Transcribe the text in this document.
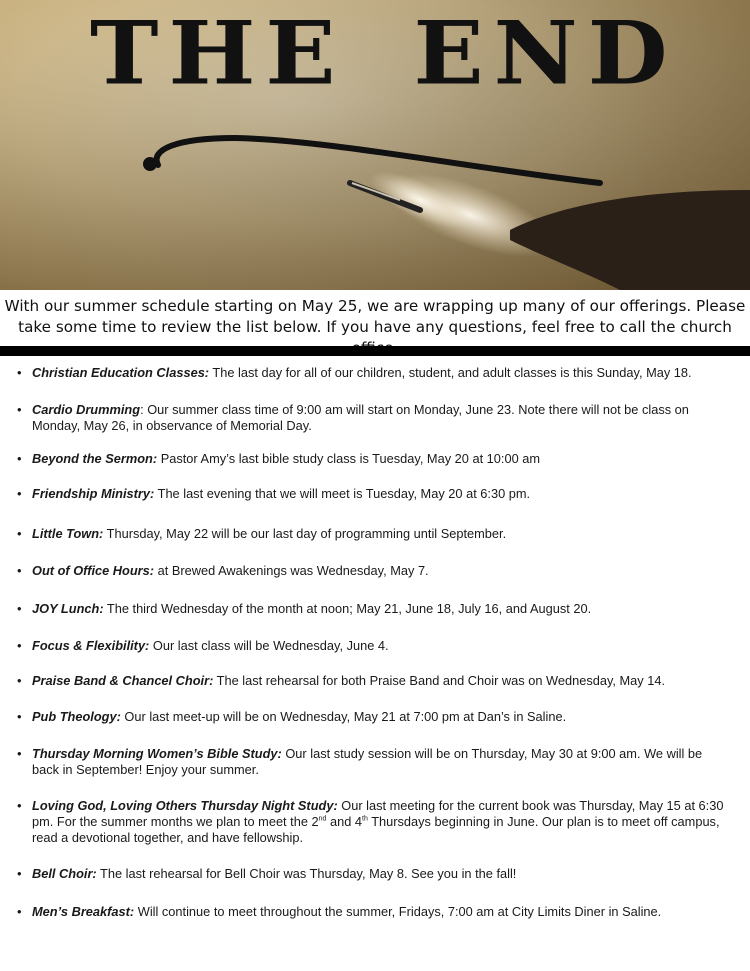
THE END
With our summer schedule starting on May 25, we are wrapping up many of our offerings. Please
take some time to review the list below. If you have any questions, feel free to call the church
• Christian Education Classes: The last day for all of our children, student, and adult classes is this Sunday, May 18.
• Cardio Drumming: Our summer class time of 9:00 am will start on Monday, June 23. Note there will not be class on Monday, May 26, in observance of Memorial Day.
• Beyond the Sermon: Pastor Amy’s last bible study class is Tuesday, May 20 at 10:00 am
• Friendship Ministry: The last evening that we will meet is Tuesday, May 20 at 6:30 pm.
• Little Town: Thursday, May 22 will be our last day of programming until September.
• Out of Office Hours: at Brewed Awakenings was Wednesday, May 7.
• JOY Lunch: The third Wednesday of the month at noon; May 21, June 18, July 16, and August 20.
• Focus & Flexibility: Our last class will be Wednesday, June 4.
• Praise Band & Chancel Choir: The last rehearsal for both Praise Band and Choir was on Wednesday, May 14.
• Pub Theology: Our last meet-up will be on Wednesday, May 21 at 7:00 pm at Dan’s in Saline.
• Thursday Morning Women’s Bible Study: Our last study session will be on Thursday, May 30 at 9:00 am. We will be back in September! Enjoy your summer.
• Loving God, Loving Others Thursday Night Study: Our last meeting for the current book was Thursday, May 15 at 6:30 pm. For the summer months we plan to meet the 2nd and 4th Thursdays beginning in June. Our plan is to meet off campus, read a devotional together, and have fellowship.
• Bell Choir: The last rehearsal for Bell Choir was Thursday, May 8. See you in the fall!
• Men’s Breakfast: Will continue to meet throughout the summer, Fridays, 7:00 am at City Limits Diner in Saline.
